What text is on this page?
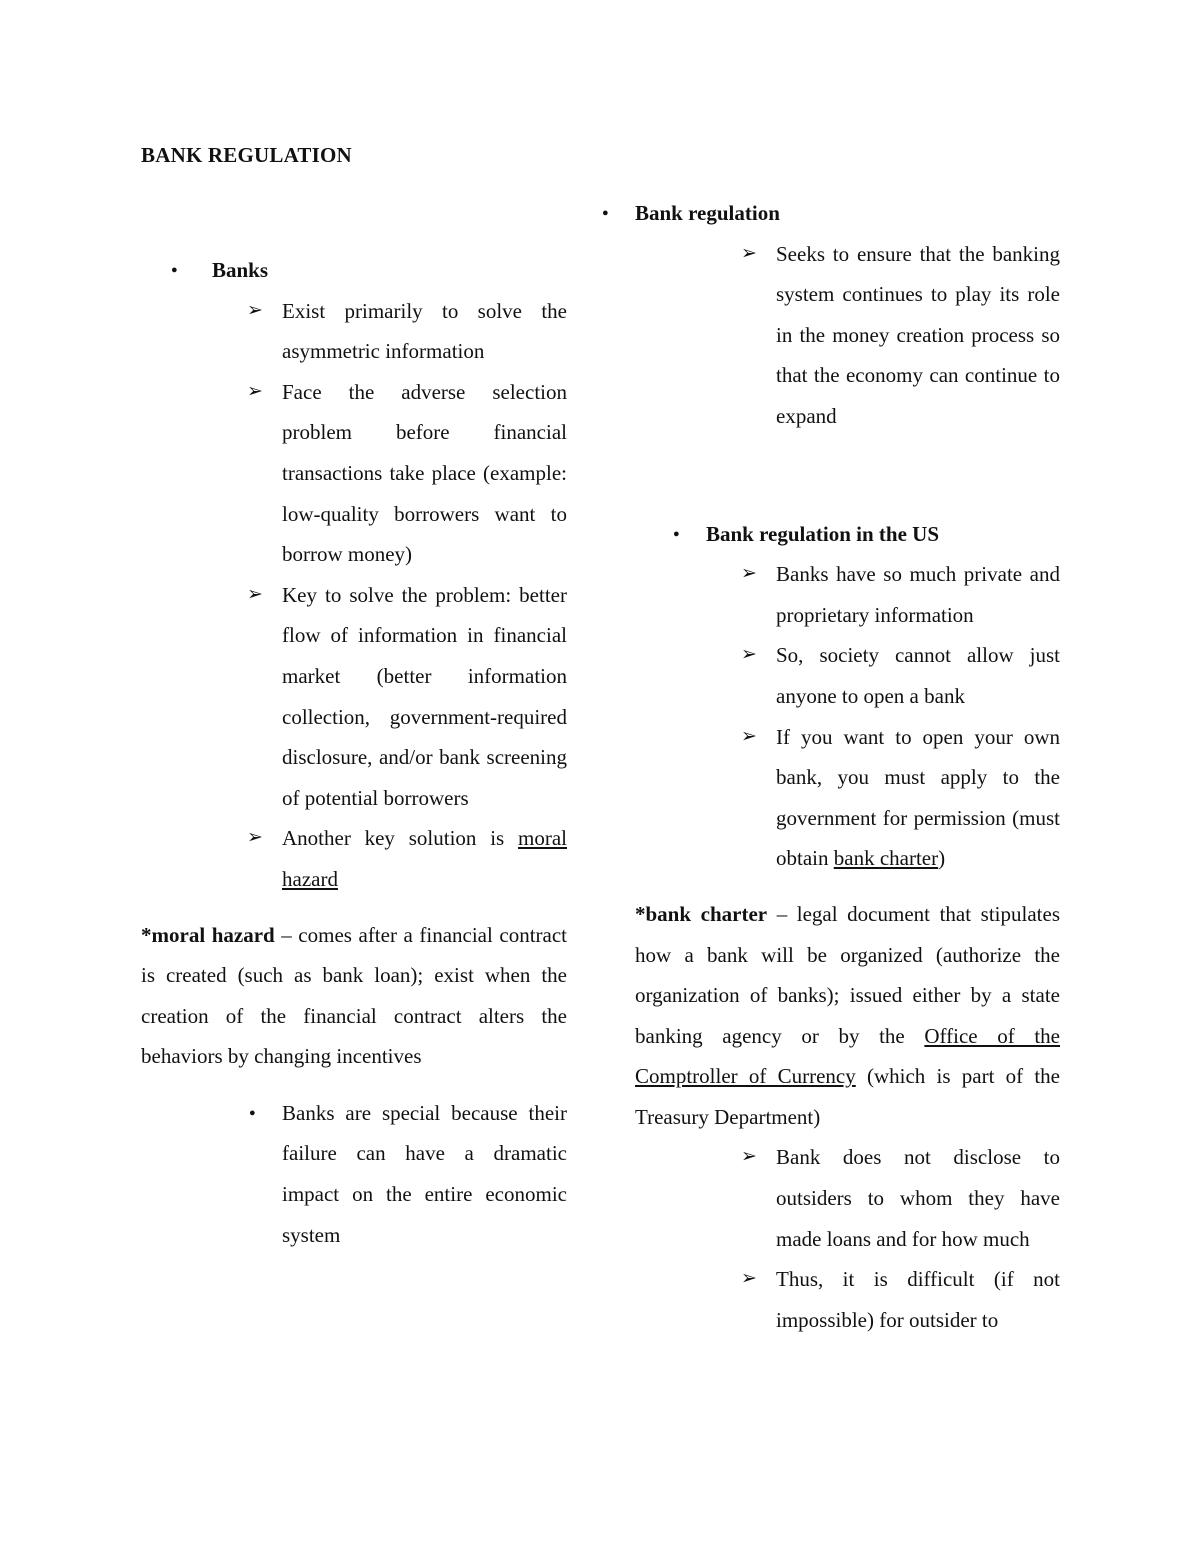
BANK REGULATION

● Banks

➢ Exist primarily to solve the asymmetric information
➢ Face the adverse selection problem before financial transactions take place (example: low-quality borrowers want to borrow money)
➢ Key to solve the problem: better flow of information in financial market (better information collection, government-required disclosure, and/or bank screening of potential borrowers
➢ Another key solution is moral hazard

*moral hazard – comes after a financial contract is created (such as bank loan); exist when the creation of the financial contract alters the behaviors by changing incentives

● Banks are special because their failure can have a dramatic impact on the entire economic system

● Bank regulation

➢ Seeks to ensure that the banking system continues to play its role in the money creation process so that the economy can continue to expand

● Bank regulation in the US

➢ Banks have so much private and proprietary information
➢ So, society cannot allow just anyone to open a bank
➢ If you want to open your own bank, you must apply to the government for permission (must obtain bank charter)

*bank charter – legal document that stipulates how a bank will be organized (authorize the organization of banks); issued either by a state banking agency or by the Office of the Comptroller of Currency (which is part of the Treasury Department)

➢ Bank does not disclose to outsiders to whom they have made loans and for how much
➢ Thus, it is difficult (if not impossible) for outsider to
